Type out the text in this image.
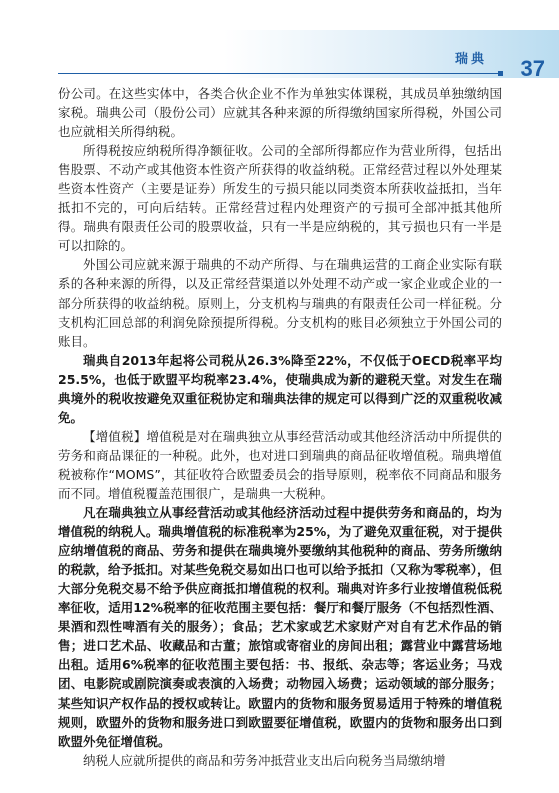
瑞典 37

份公司。在这些实体中，各类合伙企业不作为单独实体课税，其成员单独缴纳国家税。瑞典公司（股份公司）应就其各种来源的所得缴纳国家所得税，外国公司也应就相关所得纳税。

所得税按应纳税所得净额征收。公司的全部所得都应作为营业所得，包括出售股票、不动产或其他资本性资产所获得的收益纳税。正常经营过程以外处理某些资本性资产（主要是证券）所发生的亏损只能以同类资本所获收益抵扣，当年抵扣不完的，可向后结转。正常经营过程内处理资产的亏损可全部冲抵其他所得。瑞典有限责任公司的股票收益，只有一半是应纳税的，其亏损也只有一半是可以扣除的。

外国公司应就来源于瑞典的不动产所得、与在瑞典运营的工商企业实际有联系的各种来源的所得，以及正常经营渠道以外处理不动产或一家企业或企业的一部分所获得的收益纳税。原则上，分支机构与瑞典的有限责任公司一样征税。分支机构汇回总部的利润免除预提所得税。分支机构的账目必须独立于外国公司的账目。

瑞典自2013年起将公司税从26.3%降至22%，不仅低于OECD税率平均25.5%，也低于欧盟平均税率23.4%，使瑞典成为新的避税天堂。对发生在瑞典境外的税收按避免双重征税协定和瑞典法律的规定可以得到广泛的双重税收减免。

【增值税】增值税是对在瑞典独立从事经营活动或其他经济活动中所提供的劳务和商品课征的一种税。此外，也对进口到瑞典的商品征收增值税。瑞典增值税被称作“MOMS”，其征收符合欧盟委员会的指导原则，税率依不同商品和服务而不同。增值税覆盖范围很广，是瑞典一大税种。

凡在瑞典独立从事经营活动或其他经济活动过程中提供劳务和商品的，均为增值税的纳税人。瑞典增值税的标准税率为25%，为了避免双重征税，对于提供应纳增值税的商品、劳务和提供在瑞典境外要缴纳其他税种的商品、劳务所缴纳的税款，给予抵扣。对某些免税交易如出口也可以给予抵扣（又称为零税率），但大部分免税交易不给予供应商抵扣增值税的权利。瑞典对许多行业按增值税低税率征收，适用12%税率的征收范围主要包括：餐厅和餐厅服务（不包括烈性酒、果酒和烈性啤酒有关的服务）；食品；艺术家或艺术家财产对自有艺术作品的销售；进口艺术品、收藏品和古董；旅馆或寄宿业的房间出租；露营业中露营场地出租。适用6%税率的征收范围主要包括：书、报纸、杂志等；客运业务；马戏团、电影院或剧院演奏或表演的入场费；动物园入场费；运动领域的部分服务；某些知识产权作品的授权或转让。欧盟内的货物和服务贸易适用于特殊的增值税规则，欧盟外的货物和服务进口到欧盟要征增值税，欧盟内的货物和服务出口到欧盟外免征增值税。

纳税人应就所提供的商品和劳务冲抵营业支出后向税务当局缴纳增
